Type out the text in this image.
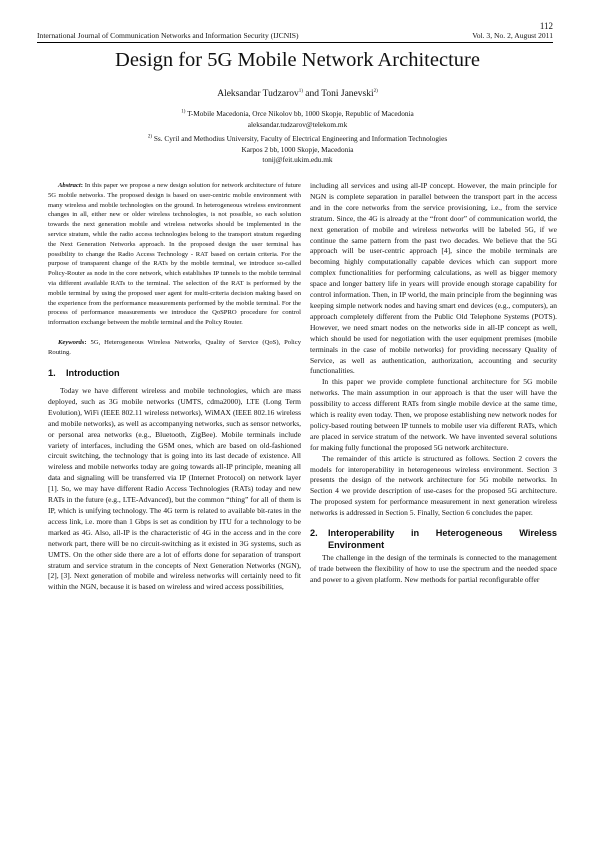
112
International Journal of Communication Networks and Information Security (IJCNIS)	Vol. 3, No. 2, August 2011
Design for 5G Mobile Network Architecture
Aleksandar Tudzarov$^{1)}$ and Toni Janevski$^{2)}$
$^{1)}$ T-Mobile Macedonia, Orce Nikolov bb, 1000 Skopje, Republic of Macedonia
aleksandar.tudzarov@telekom.mk
$^{2)}$ Ss. Cyril and Methodius University, Faculty of Electrical Engineering and Information Technologies
Karpos 2 bb, 1000 Skopje, Macedonia
tonij@feit.ukim.edu.mk

Abstract: In this paper we propose a new design solution for network architecture of future 5G mobile networks. The proposed design is based on user-centric mobile environment with many wireless and mobile technologies on the ground. In heterogeneous wireless environment changes in all, either new or older wireless technologies, is not possible, so each solution towards the next generation mobile and wireless networks should be implemented in the service stratum, while the radio access technologies belong to the transport stratum regarding the Next Generation Networks approach. In the proposed design the user terminal has possibility to change the Radio Access Technology - RAT based on certain criteria. For the purpose of transparent change of the RATs by the mobile terminal, we introduce so-called Policy-Router as node in the core network, which establishes IP tunnels to the mobile terminal via different available RATs to the terminal. The selection of the RAT is performed by the mobile terminal by using the proposed user agent for multi-criteria decision making based on the experience from the performance measurements performed by the mobile terminal. For the process of performance measurements we introduce the QoSPRO procedure for control information exchange between the mobile terminal and the Policy Router.

Keywords: 5G, Heterogeneous Wireless Networks, Quality of Service (QoS), Policy Routing.

1.	Introduction

Today we have different wireless and mobile technologies, which are mass deployed, such as 3G mobile networks (UMTS, cdma2000), LTE (Long Term Evolution), WiFi (IEEE 802.11 wireless networks), WiMAX (IEEE 802.16 wireless and mobile networks), as well as accompanying networks, such as sensor networks, or personal area networks (e.g., Bluetooth, ZigBee). Mobile terminals include variety of interfaces, including the GSM ones, which are based on old-fashioned circuit switching, the technology that is going into its last decade of existence. All wireless and mobile networks today are going towards all-IP principle, meaning all data and signaling will be transferred via IP (Internet Protocol) on network layer [1]. So, we may have different Radio Access Technologies (RATs) today and new RATs in the future (e.g., LTE-Advanced), but the common “thing” for all of them is IP, which is unifying technology. The 4G term is related to available bit-rates in the access link, i.e. more than 1 Gbps is set as condition by ITU for a technology to be marked as 4G. Also, all-IP is the characteristic of 4G in the access and in the core network part, there will be no circuit-switching as it existed in 3G systems, such as UMTS. On the other side there are a lot of efforts done for separation of transport stratum and service stratum in the concepts of Next Generation Networks (NGN), [2], [3]. Next generation of mobile and wireless networks will certainly need to fit within the NGN, because it is based on wireless and wired access possibilities,

including all services and using all-IP concept. However, the main principle for NGN is complete separation in parallel between the transport part in the access and in the core networks from the service provisioning, i.e., from the service stratum. Since, the 4G is already at the “front door” of communication world, the next generation of mobile and wireless networks will be labeled 5G, if we continue the same pattern from the past two decades. We believe that the 5G approach will be user-centric approach [4], since the mobile terminals are becoming highly computationally capable devices which can support more complex functionalities for performing calculations, as well as bigger memory space and longer battery life in years will provide enough storage capability for control information. Then, in IP world, the main principle from the beginning was keeping simple network nodes and having smart end devices (e.g., computers), an approach completely different from the Public Old Telephone Systems (POTS). However, we need smart nodes on the networks side in all-IP concept as well, which should be used for negotiation with the user equipment premises (mobile terminals in the case of mobile networks) for providing necessary Quality of Service, as well as authentication, authorization, accounting and security functionalities.

In this paper we provide complete functional architecture for 5G mobile networks. The main assumption in our approach is that the user will have the possibility to access different RATs from single mobile device at the same time, which is reality even today. Then, we propose establishing new network nodes for policy-based routing between IP tunnels to mobile user via different RATs, which are placed in service stratum of the network. We have invented several solutions for making fully functional the proposed 5G network architecture.

The remainder of this article is structured as follows. Section 2 covers the models for interoperability in heterogeneous wireless environment. Section 3 presents the design of the network architecture for 5G mobile networks. In Section 4 we provide description of use-cases for the proposed 5G architecture. The proposed system for performance measurement in next generation wireless networks is addressed in Section 5. Finally, Section 6 concludes the paper.

2.	Interoperability in Heterogeneous Wireless Environment

The challenge in the design of the terminals is connected to the management of trade between the flexibility of how to use the spectrum and the needed space and power to a given platform. New methods for partial reconfigurable offer
